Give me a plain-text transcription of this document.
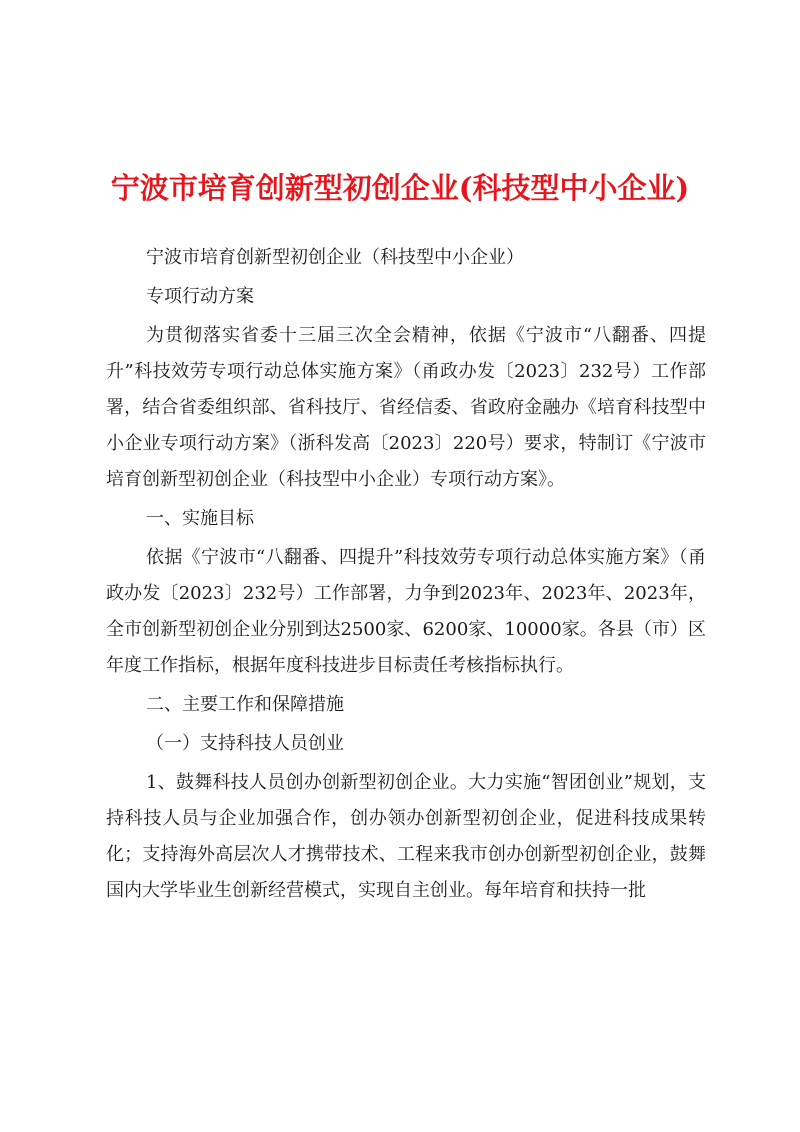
宁波市培育创新型初创企业(科技型中小企业)

宁波市培育创新型初创企业（科技型中小企业）

专项行动方案

为贯彻落实省委十三届三次全会精神，依据《宁波市“八翻番、四提升”科技效劳专项行动总体实施方案》（甬政办发〔2023〕232号）工作部署，结合省委组织部、省科技厅、省经信委、省政府金融办《培育科技型中小企业专项行动方案》（浙科发高〔2023〕220号）要求，特制订《宁波市培育创新型初创企业（科技型中小企业）专项行动方案》。

一、实施目标

依据《宁波市“八翻番、四提升”科技效劳专项行动总体实施方案》（甬政办发〔2023〕232号）工作部署，力争到2023年、2023年、2023年，全市创新型初创企业分别到达2500家、6200家、10000家。各县（市）区年度工作指标，根据年度科技进步目标责任考核指标执行。

二、主要工作和保障措施

（一）支持科技人员创业

1、鼓舞科技人员创办创新型初创企业。大力实施“智团创业”规划，支持科技人员与企业加强合作，创办领办创新型初创企业，促进科技成果转化；支持海外高层次人才携带技术、工程来我市创办创新型初创企业，鼓舞国内大学毕业生创新经营模式，实现自主创业。每年培育和扶持一批
